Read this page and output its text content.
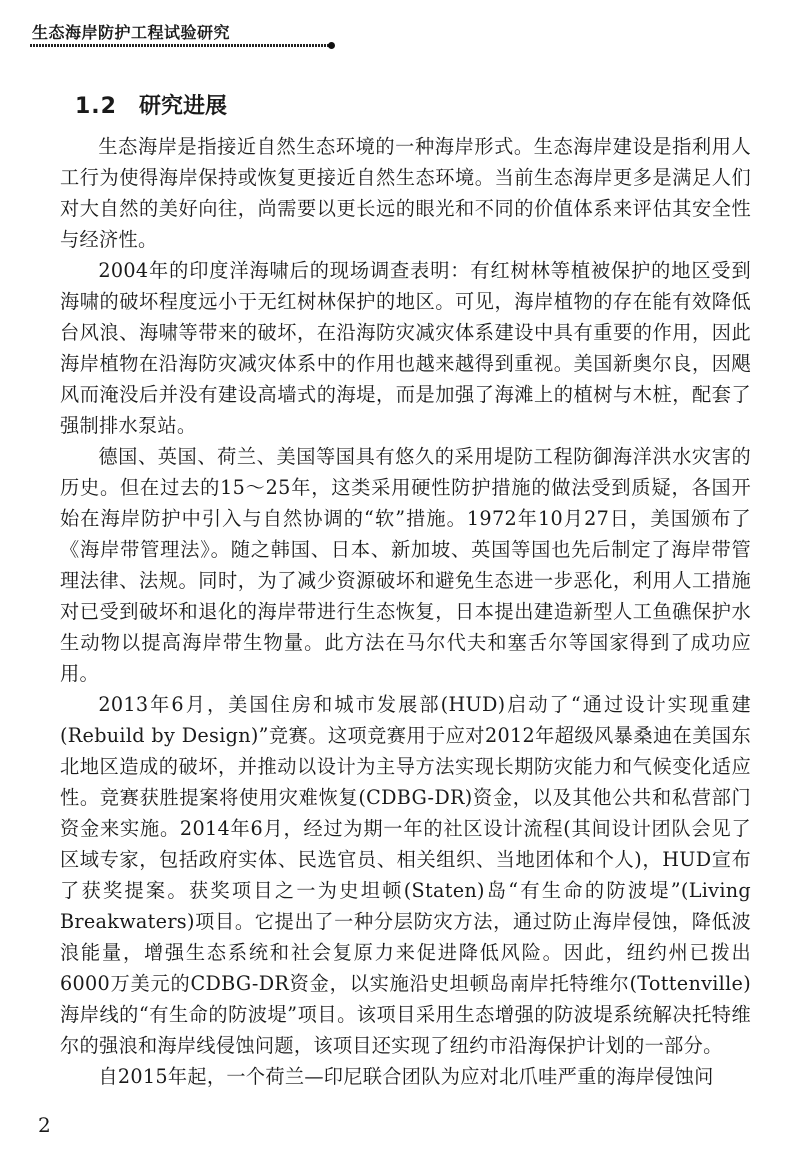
生态海岸防护工程试验研究
1.2 研究进展

生态海岸是指接近自然生态环境的一种海岸形式。生态海岸建设是指利用人工行为使得海岸保持或恢复更接近自然生态环境。当前生态海岸更多是满足人们对大自然的美好向往，尚需要以更长远的眼光和不同的价值体系来评估其安全性与经济性。

2004年的印度洋海啸后的现场调查表明：有红树林等植被保护的地区受到海啸的破坏程度远小于无红树林保护的地区。可见，海岸植物的存在能有效降低台风浪、海啸等带来的破坏，在沿海防灾减灾体系建设中具有重要的作用，因此海岸植物在沿海防灾减灾体系中的作用也越来越得到重视。美国新奥尔良，因飓风而淹没后并没有建设高墙式的海堤，而是加强了海滩上的植树与木桩，配套了强制排水泵站。

德国、英国、荷兰、美国等国具有悠久的采用堤防工程防御海洋洪水灾害的历史。但在过去的15～25年，这类采用硬性防护措施的做法受到质疑，各国开始在海岸防护中引入与自然协调的“软”措施。1972年10月27日，美国颁布了《海岸带管理法》。随之韩国、日本、新加坡、英国等国也先后制定了海岸带管理法律、法规。同时，为了减少资源破坏和避免生态进一步恶化，利用人工措施对已受到破坏和退化的海岸带进行生态恢复，日本提出建造新型人工鱼礁保护水生动物以提高海岸带生物量。此方法在马尔代夫和塞舌尔等国家得到了成功应用。

2013年6月，美国住房和城市发展部(HUD)启动了“通过设计实现重建(Rebuild by Design)”竞赛。这项竞赛用于应对2012年超级风暴桑迪在美国东北地区造成的破坏，并推动以设计为主导方法实现长期防灾能力和气候变化适应性。竞赛获胜提案将使用灾难恢复(CDBG-DR)资金，以及其他公共和私营部门资金来实施。2014年6月，经过为期一年的社区设计流程(其间设计团队会见了区域专家，包括政府实体、民选官员、相关组织、当地团体和个人)，HUD宣布了获奖提案。获奖项目之一为史坦顿(Staten)岛“有生命的防波堤”(Living Breakwaters)项目。它提出了一种分层防灾方法，通过防止海岸侵蚀，降低波浪能量，增强生态系统和社会复原力来促进降低风险。因此，纽约州已拨出6000万美元的CDBG-DR资金，以实施沿史坦顿岛南岸托特维尔(Tottenville)海岸线的“有生命的防波堤”项目。该项目采用生态增强的防波堤系统解决托特维尔的强浪和海岸线侵蚀问题，该项目还实现了纽约市沿海保护计划的一部分。

自2015年起，一个荷兰—印尼联合团队为应对北爪哇严重的海岸侵蚀问

2
